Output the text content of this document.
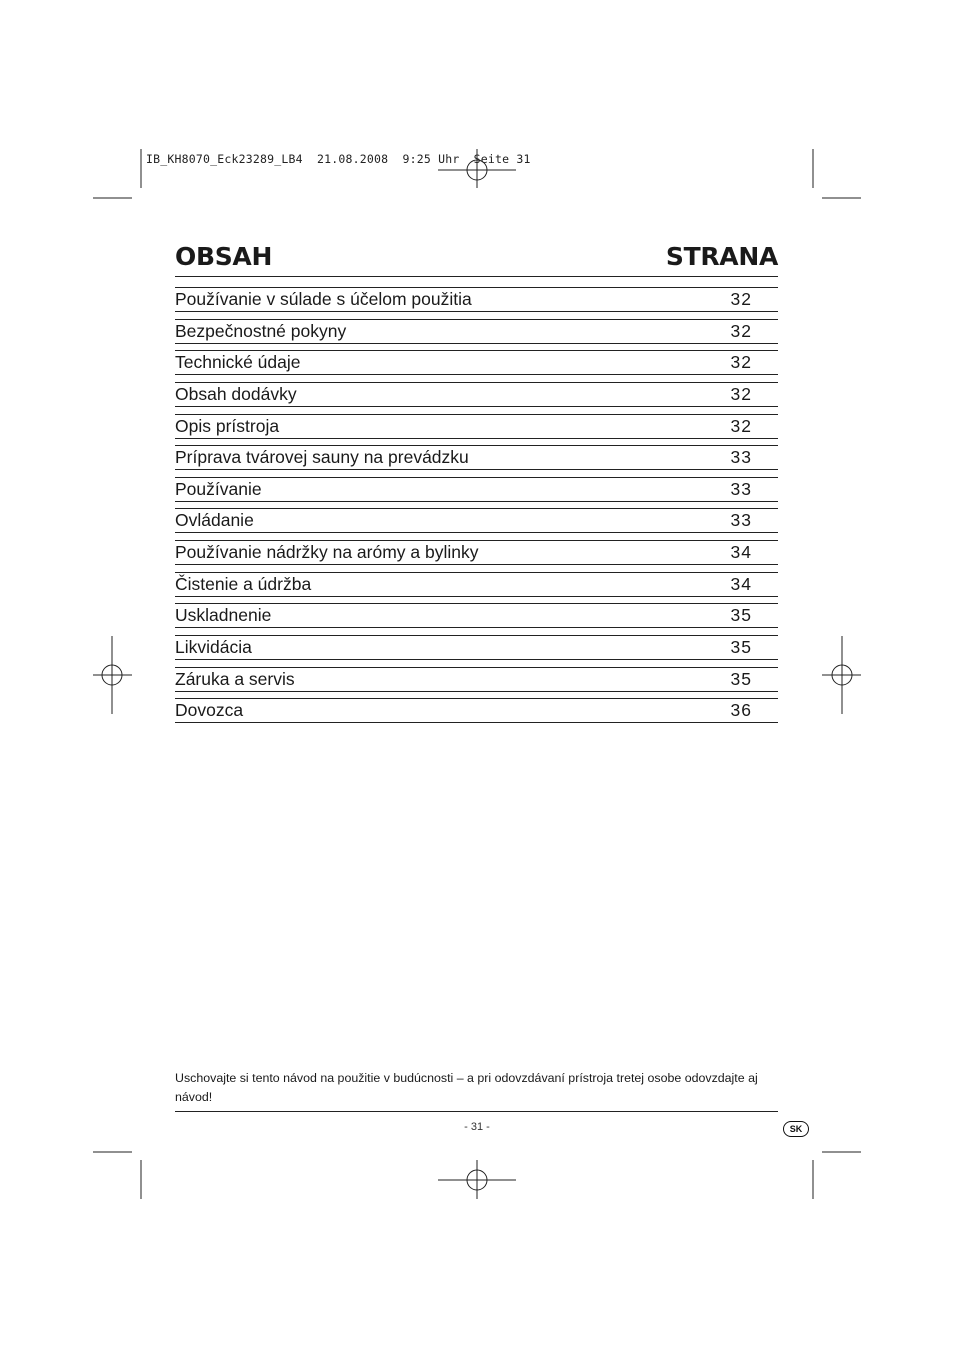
IB_KH8070_Eck23289_LB4  21.08.2008  9:25 Uhr  Seite 31
OBSAH	STRANA
Používanie v súlade s účelom použitia	32
Bezpečnostné pokyny	32
Technické údaje	32
Obsah dodávky	32
Opis prístroja	32
Príprava tvárovej sauny na prevádzku	33
Používanie	33
Ovládanie	33
Používanie nádržky na arómy a bylinky	34
Čistenie a údržba	34
Uskladnenie	35
Likvidácia	35
Záruka a servis	35
Dovozca	36
Uschovajte si tento návod na použitie v budúcnosti – a pri odovzdávaní prístroja tretej osobe odovzdajte aj návod!
- 31 -	SK
